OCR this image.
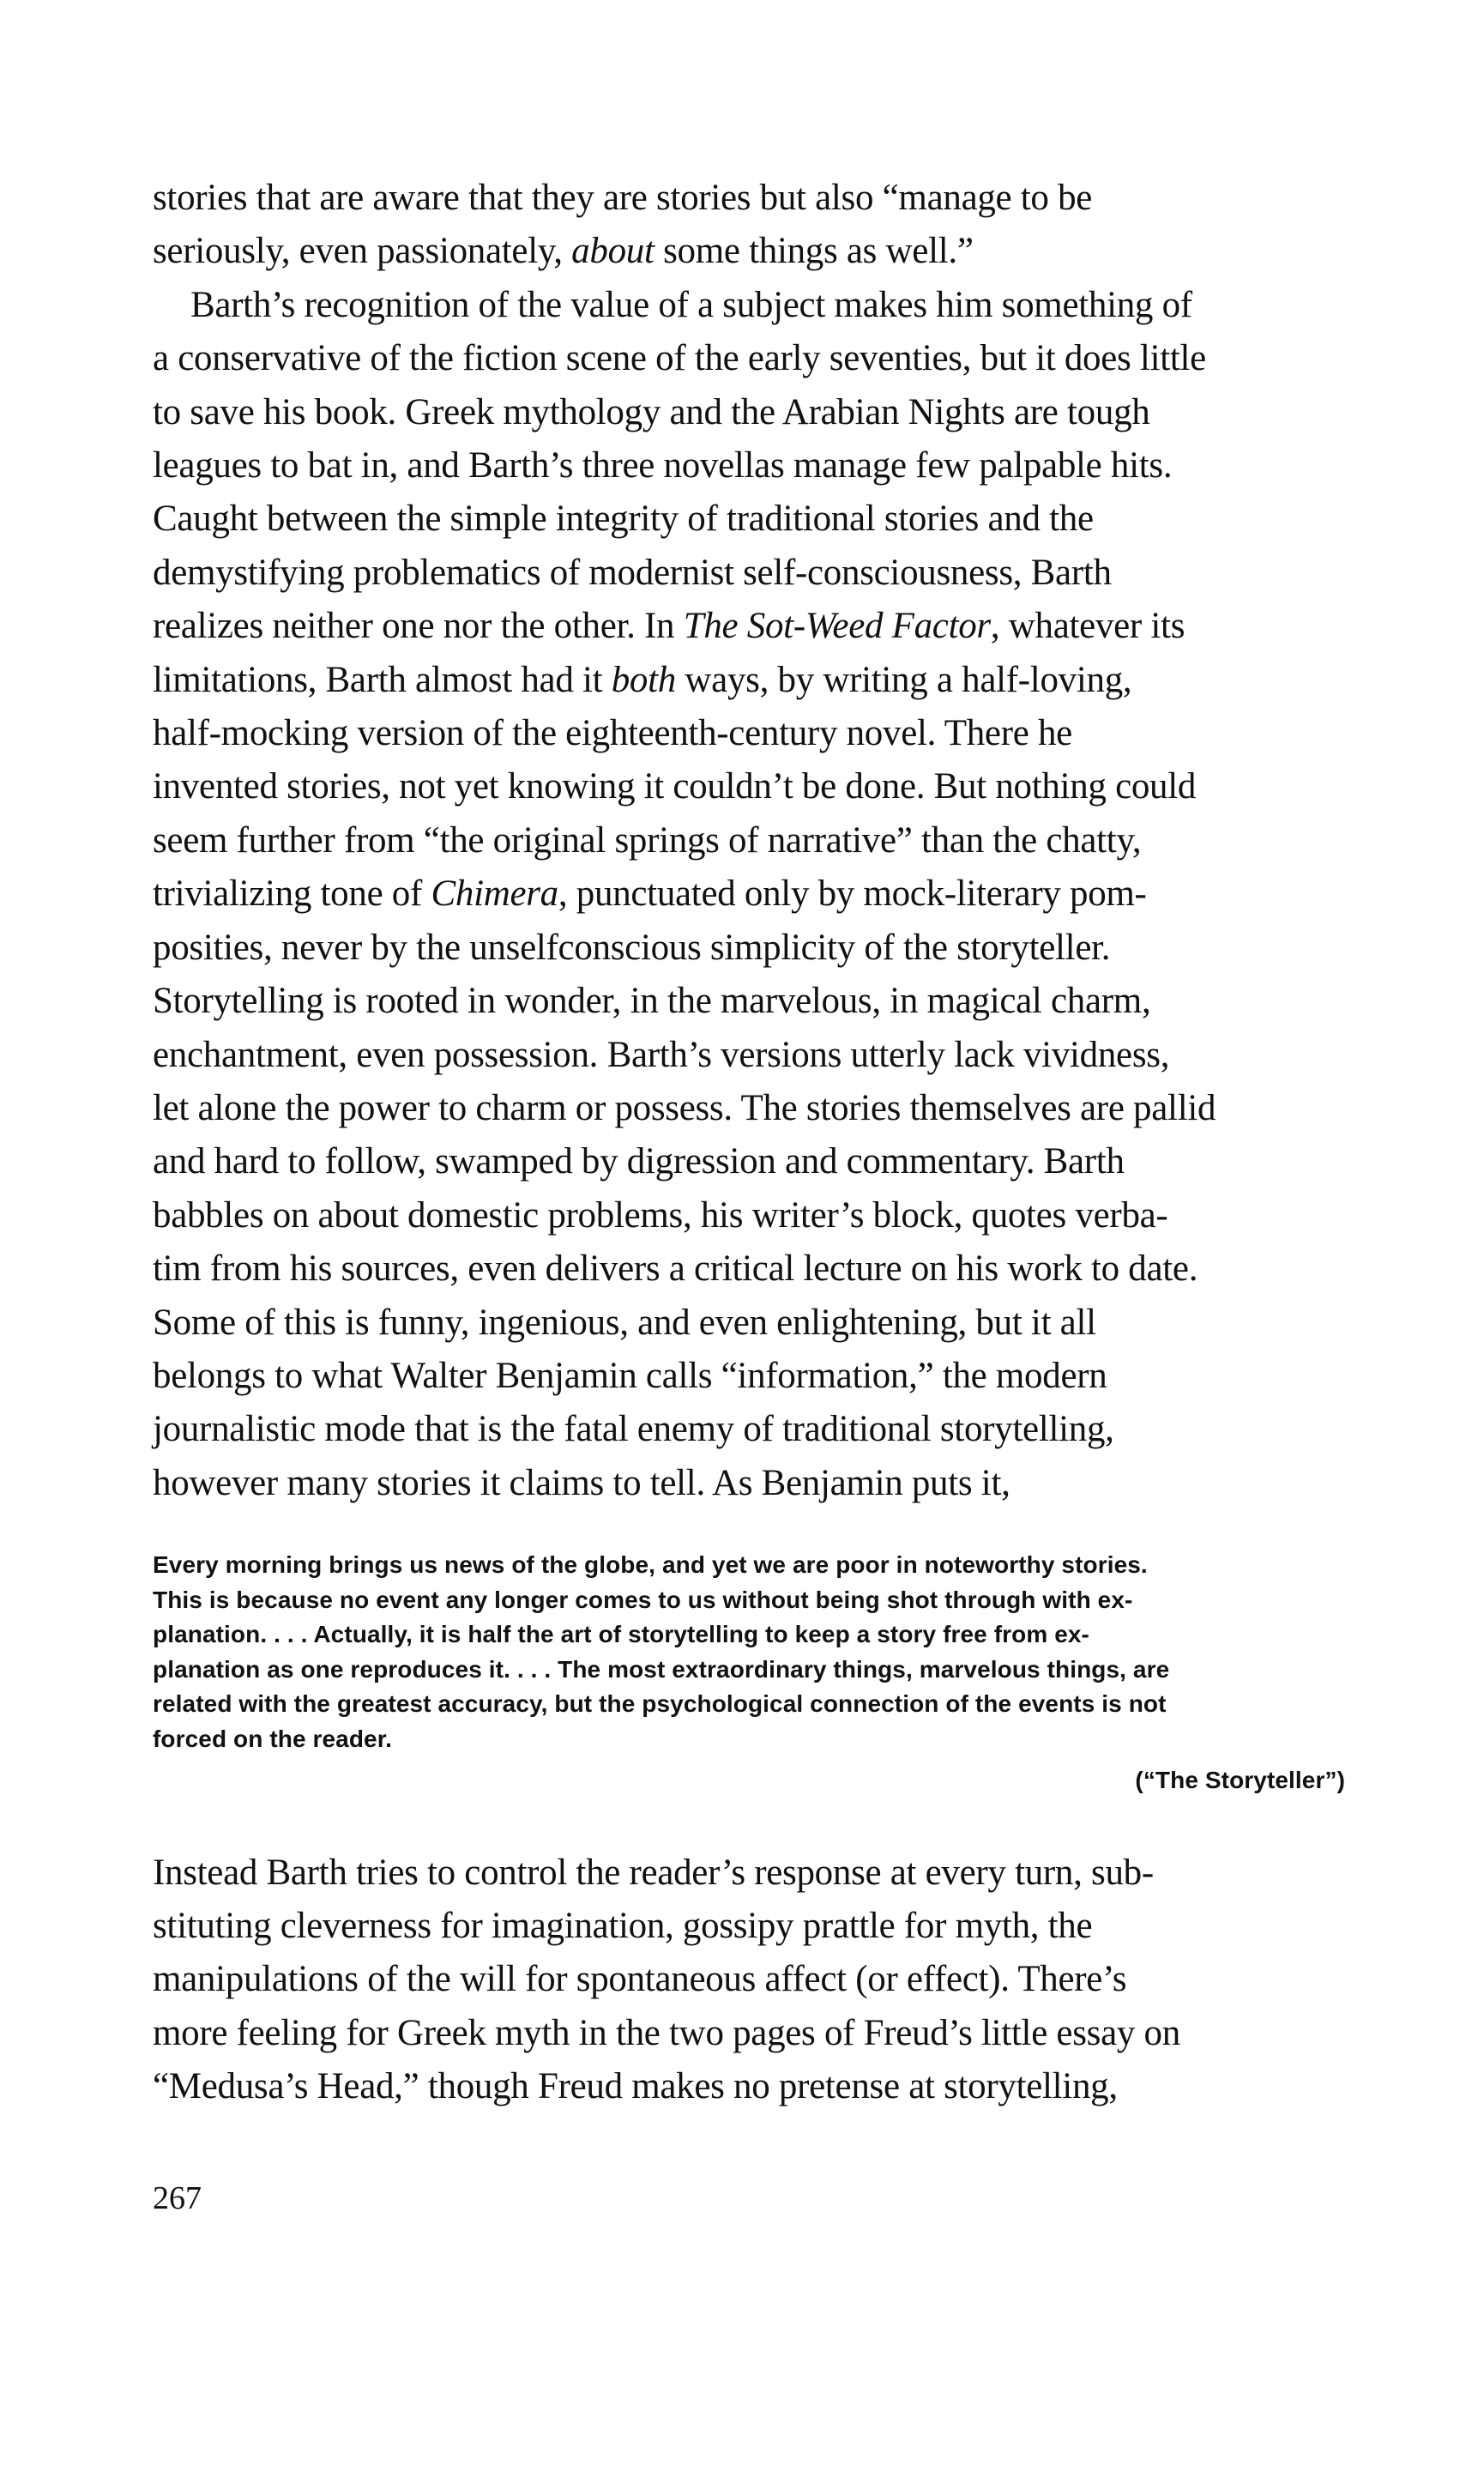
stories that are aware that they are stories but also “manage to be
seriously, even passionately, about some things as well.”
Barth’s recognition of the value of a subject makes him something of
a conservative of the fiction scene of the early seventies, but it does little
to save his book. Greek mythology and the Arabian Nights are tough
leagues to bat in, and Barth’s three novellas manage few palpable hits.
Caught between the simple integrity of traditional stories and the
demystifying problematics of modernist self-consciousness, Barth
realizes neither one nor the other. In The Sot-Weed Factor, whatever its
limitations, Barth almost had it both ways, by writing a half-loving,
half-mocking version of the eighteenth-century novel. There he
invented stories, not yet knowing it couldn’t be done. But nothing could
seem further from “the original springs of narrative” than the chatty,
trivializing tone of Chimera, punctuated only by mock-literary pom-
posities, never by the unselfconscious simplicity of the storyteller.
Storytelling is rooted in wonder, in the marvelous, in magical charm,
enchantment, even possession. Barth’s versions utterly lack vividness,
let alone the power to charm or possess. The stories themselves are pallid
and hard to follow, swamped by digression and commentary. Barth
babbles on about domestic problems, his writer’s block, quotes verba-
tim from his sources, even delivers a critical lecture on his work to date.
Some of this is funny, ingenious, and even enlightening, but it all
belongs to what Walter Benjamin calls “information,” the modern
journalistic mode that is the fatal enemy of traditional storytelling,
however many stories it claims to tell. As Benjamin puts it,
Every morning brings us news of the globe, and yet we are poor in noteworthy stories.
This is because no event any longer comes to us without being shot through with ex-
planation. . . . Actually, it is half the art of storytelling to keep a story free from ex-
planation as one reproduces it. . . . The most extraordinary things, marvelous things, are
related with the greatest accuracy, but the psychological connection of the events is not
forced on the reader.
(“The Storyteller”)
Instead Barth tries to control the reader’s response at every turn, sub-
stituting cleverness for imagination, gossipy prattle for myth, the
manipulations of the will for spontaneous affect (or effect). There’s
more feeling for Greek myth in the two pages of Freud’s little essay on
“Medusa’s Head,” though Freud makes no pretense at storytelling,
267
